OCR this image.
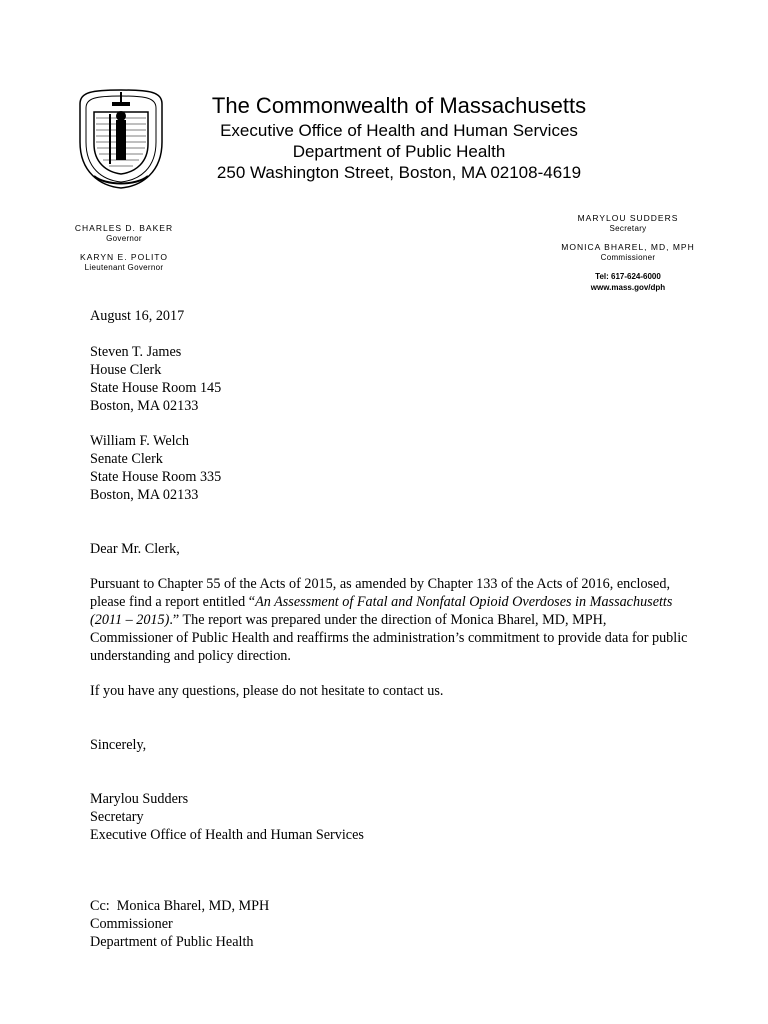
The Commonwealth of Massachusetts
Executive Office of Health and Human Services
Department of Public Health
250 Washington Street, Boston, MA 02108-4619
CHARLES D. BAKER
Governor
KARYN E. POLITO
Lieutenant Governor
MARYLOU SUDDERS
Secretary
MONICA BHAREL, MD, MPH
Commissioner
Tel: 617-624-6000
www.mass.gov/dph
August 16, 2017
Steven T. James
House Clerk
State House Room 145
Boston, MA 02133
William F. Welch
Senate Clerk
State House Room 335
Boston, MA 02133
Dear Mr. Clerk,
Pursuant to Chapter 55 of the Acts of 2015, as amended by Chapter 133 of the Acts of 2016, enclosed, please find a report entitled “An Assessment of Fatal and Nonfatal Opioid Overdoses in Massachusetts (2011 – 2015).” The report was prepared under the direction of Monica Bharel, MD, MPH, Commissioner of Public Health and reaffirms the administration’s commitment to provide data for public understanding and policy direction.
If you have any questions, please do not hesitate to contact us.
Sincerely,
Marylou Sudders
Secretary
Executive Office of Health and Human Services
Cc: Monica Bharel, MD, MPH
Commissioner
Department of Public Health
